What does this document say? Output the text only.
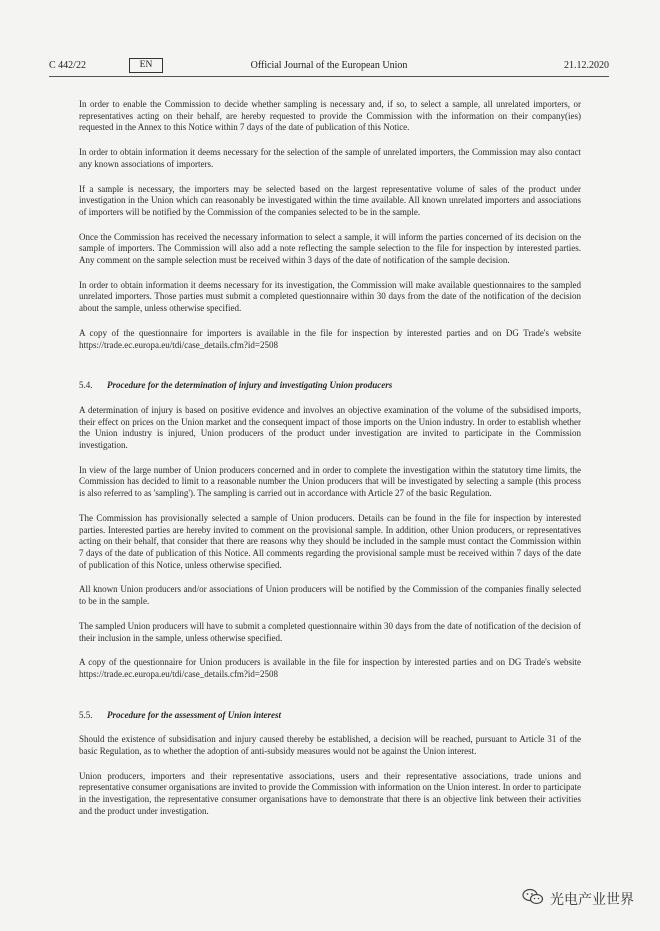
C 442/22	EN	Official Journal of the European Union	21.12.2020

In order to enable the Commission to decide whether sampling is necessary and, if so, to select a sample, all unrelated importers, or representatives acting on their behalf, are hereby requested to provide the Commission with the information on their company(ies) requested in the Annex to this Notice within 7 days of the date of publication of this Notice.

In order to obtain information it deems necessary for the selection of the sample of unrelated importers, the Commission may also contact any known associations of importers.

If a sample is necessary, the importers may be selected based on the largest representative volume of sales of the product under investigation in the Union which can reasonably be investigated within the time available. All known unrelated importers and associations of importers will be notified by the Commission of the companies selected to be in the sample.

Once the Commission has received the necessary information to select a sample, it will inform the parties concerned of its decision on the sample of importers. The Commission will also add a note reflecting the sample selection to the file for inspection by interested parties. Any comment on the sample selection must be received within 3 days of the date of notification of the sample decision.

In order to obtain information it deems necessary for its investigation, the Commission will make available questionnaires to the sampled unrelated importers. Those parties must submit a completed questionnaire within 30 days from the date of the notification of the decision about the sample, unless otherwise specified.

A copy of the questionnaire for importers is available in the file for inspection by interested parties and on DG Trade's website https://trade.ec.europa.eu/tdi/case_details.cfm?id=2508

5.4. Procedure for the determination of injury and investigating Union producers

A determination of injury is based on positive evidence and involves an objective examination of the volume of the subsidised imports, their effect on prices on the Union market and the consequent impact of those imports on the Union industry. In order to establish whether the Union industry is injured, Union producers of the product under investigation are invited to participate in the Commission investigation.

In view of the large number of Union producers concerned and in order to complete the investigation within the statutory time limits, the Commission has decided to limit to a reasonable number the Union producers that will be investigated by selecting a sample (this process is also referred to as 'sampling'). The sampling is carried out in accordance with Article 27 of the basic Regulation.

The Commission has provisionally selected a sample of Union producers. Details can be found in the file for inspection by interested parties. Interested parties are hereby invited to comment on the provisional sample. In addition, other Union producers, or representatives acting on their behalf, that consider that there are reasons why they should be included in the sample must contact the Commission within 7 days of the date of publication of this Notice. All comments regarding the provisional sample must be received within 7 days of the date of publication of this Notice, unless otherwise specified.

All known Union producers and/or associations of Union producers will be notified by the Commission of the companies finally selected to be in the sample.

The sampled Union producers will have to submit a completed questionnaire within 30 days from the date of notification of the decision of their inclusion in the sample, unless otherwise specified.

A copy of the questionnaire for Union producers is available in the file for inspection by interested parties and on DG Trade's website https://trade.ec.europa.eu/tdi/case_details.cfm?id=2508

5.5. Procedure for the assessment of Union interest

Should the existence of subsidisation and injury caused thereby be established, a decision will be reached, pursuant to Article 31 of the basic Regulation, as to whether the adoption of anti-subsidy measures would not be against the Union interest.

Union producers, importers and their representative associations, users and their representative associations, trade unions and representative consumer organisations are invited to provide the Commission with information on the Union interest. In order to participate in the investigation, the representative consumer organisations have to demonstrate that there is an objective link between their activities and the product under investigation.

光电产业世界
